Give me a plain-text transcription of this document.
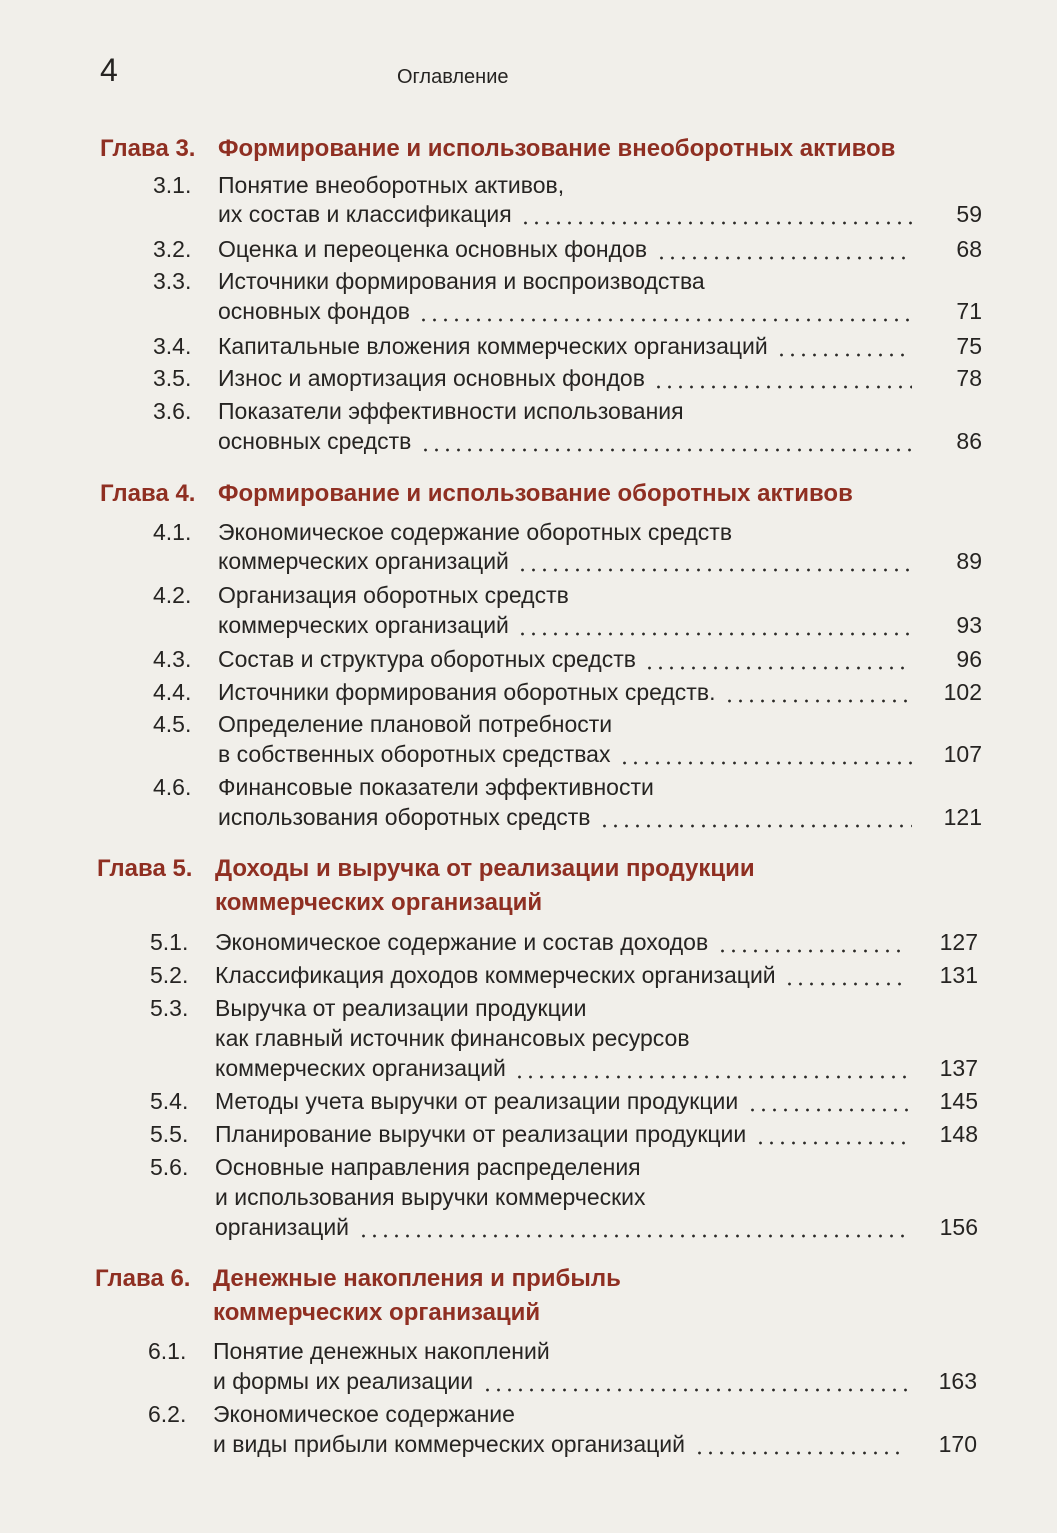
4	Оглавление
Глава 3. Формирование и использование внеоборотных активов
3.1. Понятие внеоборотных активов,
их состав и классификация	59
3.2. Оценка и переоценка основных фондов	68
3.3. Источники формирования и воспроизводства
основных фондов	71
3.4. Капитальные вложения коммерческих организаций	75
3.5. Износ и амортизация основных фондов	78
3.6. Показатели эффективности использования
основных средств	86
Глава 4. Формирование и использование оборотных активов
4.1. Экономическое содержание оборотных средств
коммерческих организаций	89
4.2. Организация оборотных средств
коммерческих организаций	93
4.3. Состав и структура оборотных средств	96
4.4. Источники формирования оборотных средств.	102
4.5. Определение плановой потребности
в собственных оборотных средствах	107
4.6. Финансовые показатели эффективности
использования оборотных средств	121
Глава 5. Доходы и выручка от реализации продукции
коммерческих организаций
5.1. Экономическое содержание и состав доходов	127
5.2. Классификация доходов коммерческих организаций	131
5.3. Выручка от реализации продукции
как главный источник финансовых ресурсов
коммерческих организаций	137
5.4. Методы учета выручки от реализации продукции	145
5.5. Планирование выручки от реализации продукции	148
5.6. Основные направления распределения
и использования выручки коммерческих
организаций	156
Глава 6. Денежные накопления и прибыль
коммерческих организаций
6.1. Понятие денежных накоплений
и формы их реализации	163
6.2. Экономическое содержание
и виды прибыли коммерческих организаций	170
